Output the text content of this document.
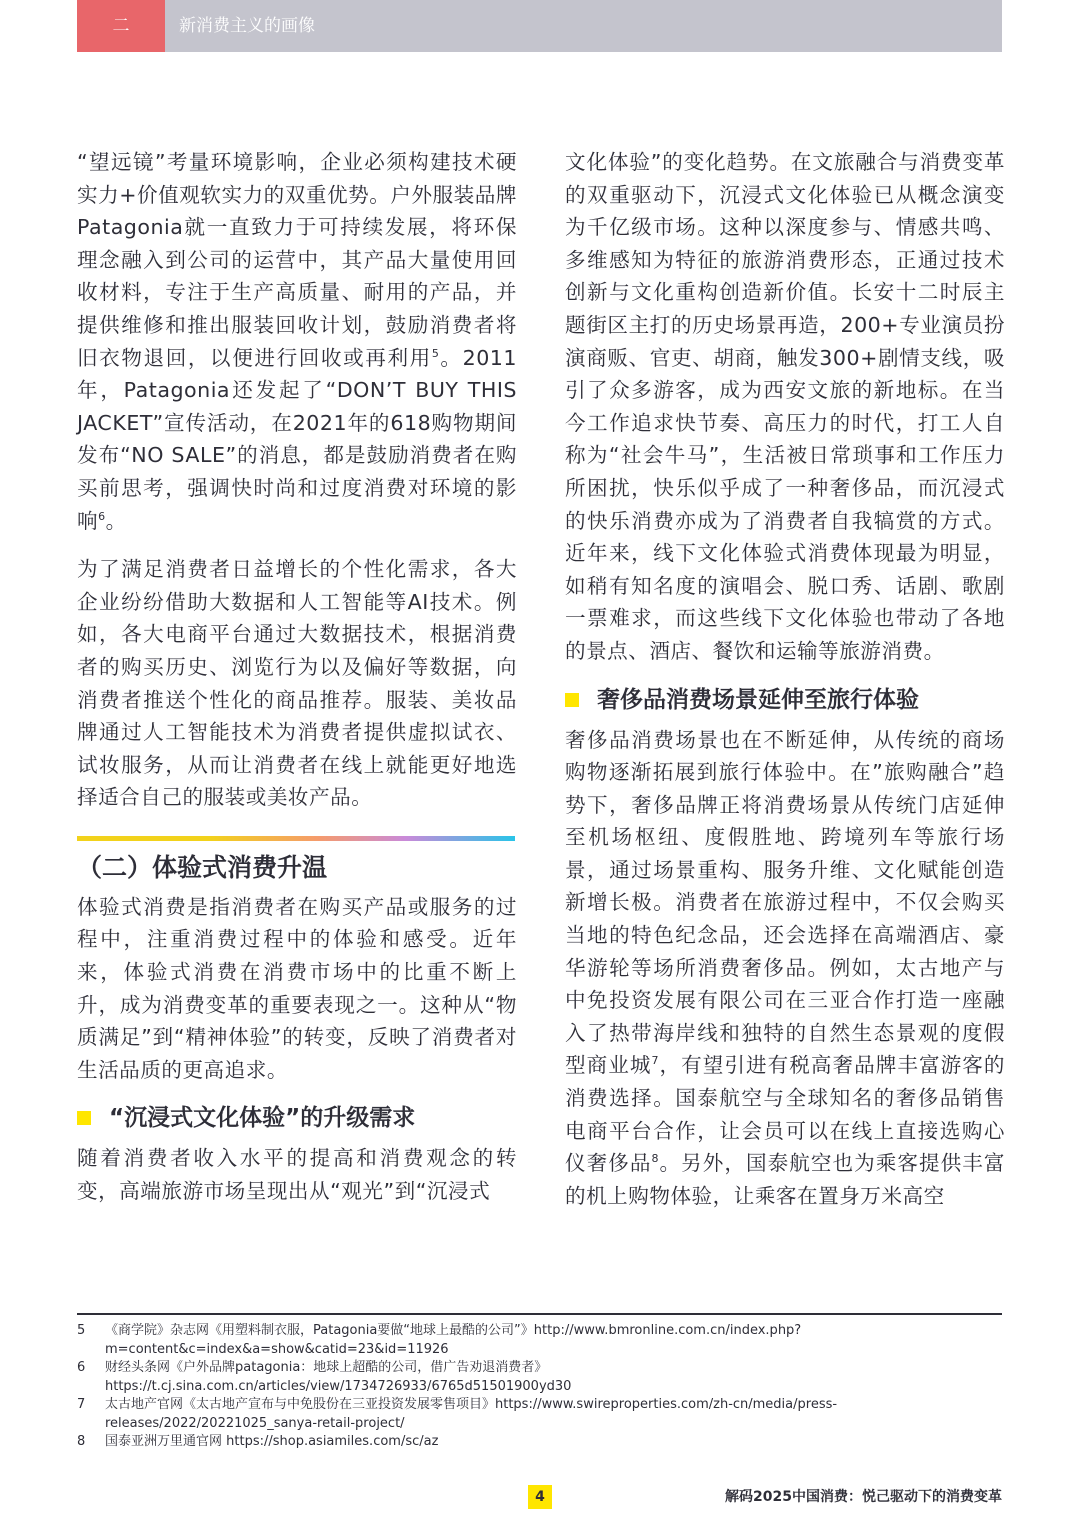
二	新消费主义的画像

“望远镜”考量环境影响，企业必须构建技术硬实力+价值观软实力的双重优势。户外服装品牌Patagonia就一直致力于可持续发展，将环保理念融入到公司的运营中，其产品大量使用回收材料，专注于生产高质量、耐用的产品，并提供维修和推出服装回收计划，鼓励消费者将旧衣物退回，以便进行回收或再利用$^5$。2011年，Patagonia还发起了“DON’T BUY THIS JACKET”宣传活动，在2021年的618购物期间发布“NO SALE”的消息，都是鼓励消费者在购买前思考，强调快时尚和过度消费对环境的影响$^6$。

为了满足消费者日益增长的个性化需求，各大企业纷纷借助大数据和人工智能等AI技术。例如，各大电商平台通过大数据技术，根据消费者的购买历史、浏览行为以及偏好等数据，向消费者推送个性化的商品推荐。服装、美妆品牌通过人工智能技术为消费者提供虚拟试衣、试妆服务，从而让消费者在线上就能更好地选择适合自己的服装或美妆产品。

（二）体验式消费升温

体验式消费是指消费者在购买产品或服务的过程中，注重消费过程中的体验和感受。近年来，体验式消费在消费市场中的比重不断上升，成为消费变革的重要表现之一。这种从“物质满足”到“精神体验”的转变，反映了消费者对生活品质的更高追求。

“沉浸式文化体验”的升级需求

随着消费者收入水平的提高和消费观念的转变，高端旅游市场呈现出从“观光”到“沉浸式

文化体验”的变化趋势。在文旅融合与消费变革的双重驱动下，沉浸式文化体验已从概念演变为千亿级市场。这种以深度参与、情感共鸣、多维感知为特征的旅游消费形态，正通过技术创新与文化重构创造新价值。长安十二时辰主题街区主打的历史场景再造，200+专业演员扮演商贩、官吏、胡商，触发300+剧情支线，吸引了众多游客，成为西安文旅的新地标。在当今工作追求快节奏、高压力的时代，打工人自称为“社会牛马”，生活被日常琐事和工作压力所困扰，快乐似乎成了一种奢侈品，而沉浸式的快乐消费亦成为了消费者自我犒赏的方式。近年来，线下文化体验式消费体现最为明显，如稍有知名度的演唱会、脱口秀、话剧、歌剧一票难求，而这些线下文化体验也带动了各地的景点、酒店、餐饮和运输等旅游消费。

奢侈品消费场景延伸至旅行体验

奢侈品消费场景也在不断延伸，从传统的商场购物逐渐拓展到旅行体验中。在”旅购融合”趋势下，奢侈品牌正将消费场景从传统门店延伸至机场枢纽、度假胜地、跨境列车等旅行场景，通过场景重构、服务升维、文化赋能创造新增长极。消费者在旅游过程中，不仅会购买当地的特色纪念品，还会选择在高端酒店、豪华游轮等场所消费奢侈品。例如，太古地产与中免投资发展有限公司在三亚合作打造一座融入了热带海岸线和独特的自然生态景观的度假型商业城$^7$，有望引进有税高奢品牌丰富游客的消费选择。国泰航空与全球知名的奢侈品销售电商平台合作，让会员可以在线上直接选购心仪奢侈品$^8$。另外，国泰航空也为乘客提供丰富的机上购物体验，让乘客在置身万米高空

5 《商学院》杂志网《用塑料制衣服，Patagonia要做“地球上最酷的公司”》http://www.bmronline.com.cn/index.php?m=content&c=index&a=show&catid=23&id=11926
6 财经头条网《户外品牌patagonia：地球上超酷的公司，借广告劝退消费者》https://t.cj.sina.com.cn/articles/view/1734726933/6765d51501900yd30
7 太古地产官网《太古地产宣布与中免股份在三亚投资发展零售项目》https://www.swireproperties.com/zh-cn/media/press-releases/2022/20221025_sanya-retail-project/
8 国泰亚洲万里通官网 https://shop.asiamiles.com/sc/az
4	解码2025中国消费：悦己驱动下的消费变革
